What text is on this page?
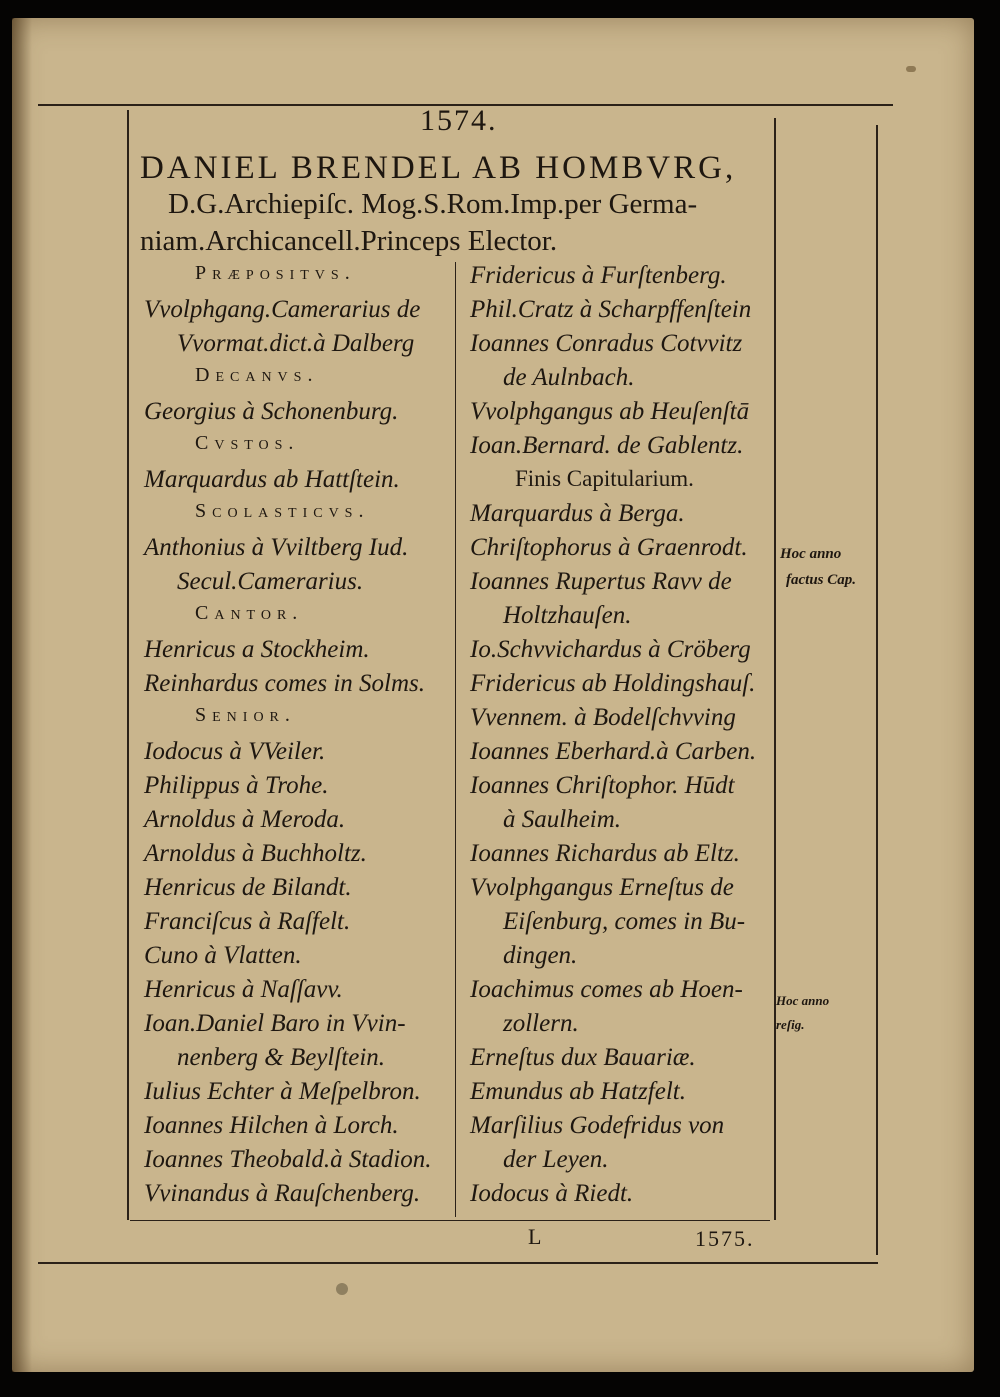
1574.
DANIEL BRENDEL AB HOMBVRG,
D.G.Archiepiſc. Mog.S.Rom.Imp.per Germa-
niam.Archicancell.Princeps Elector.
Præpositvs.
Vvolphgang.Camerarius de
Vvormat.dict.à Dalberg
Decanvs.
Georgius à Schonenburg.
Cvstos.
Marquardus ab Hattſtein.
Scolasticvs.
Anthonius à Vviltberg Iud.
Secul.Camerarius.
Cantor.
Henricus a Stockheim.
Reinhardus comes in Solms.
Senior.
Iodocus à VVeiler.
Philippus à Trohe.
Arnoldus à Meroda.
Arnoldus à Buchholtz.
Henricus de Bilandt.
Franciſcus à Raſfelt.
Cuno à Vlatten.
Henricus à Naſſavv.
Ioan.Daniel Baro in Vvin-
nenberg & Beylſtein.
Iulius Echter à Meſpelbron.
Ioannes Hilchen à Lorch.
Ioannes Theobald.à Stadion.
Vvinandus à Rauſchenberg.
Fridericus à Furſtenberg.
Phil.Cratz à Scharpffenſtein
Ioannes Conradus Cotvvitz
de Aulnbach.
Vvolphgangus ab Heuſenſtā
Ioan.Bernard. de Gablentz.
Finis Capitularium.
Marquardus à Berga.
Chriſtophorus à Graenrodt.
Ioannes Rupertus Ravv de
Holtzhauſen.
Io.Schvvichardus à Cröberg
Fridericus ab Holdingshauſ.
Vvennem. à Bodelſchvving
Ioannes Eberhard.à Carben.
Ioannes Chriſtophor. Hūdt
à Saulheim.
Ioannes Richardus ab Eltz.
Vvolphgangus Erneſtus de
Eiſenburg, comes in Bu-
dingen.
Ioachimus comes ab Hoen-
zollern.
Erneſtus dux Bauariæ.
Emundus ab Hatzfelt.
Marſilius Godefridus von
der Leyen.
Iodocus à Riedt.
Hoc anno
factus Cap.
Hoc anno
reſig.
L	1575.
